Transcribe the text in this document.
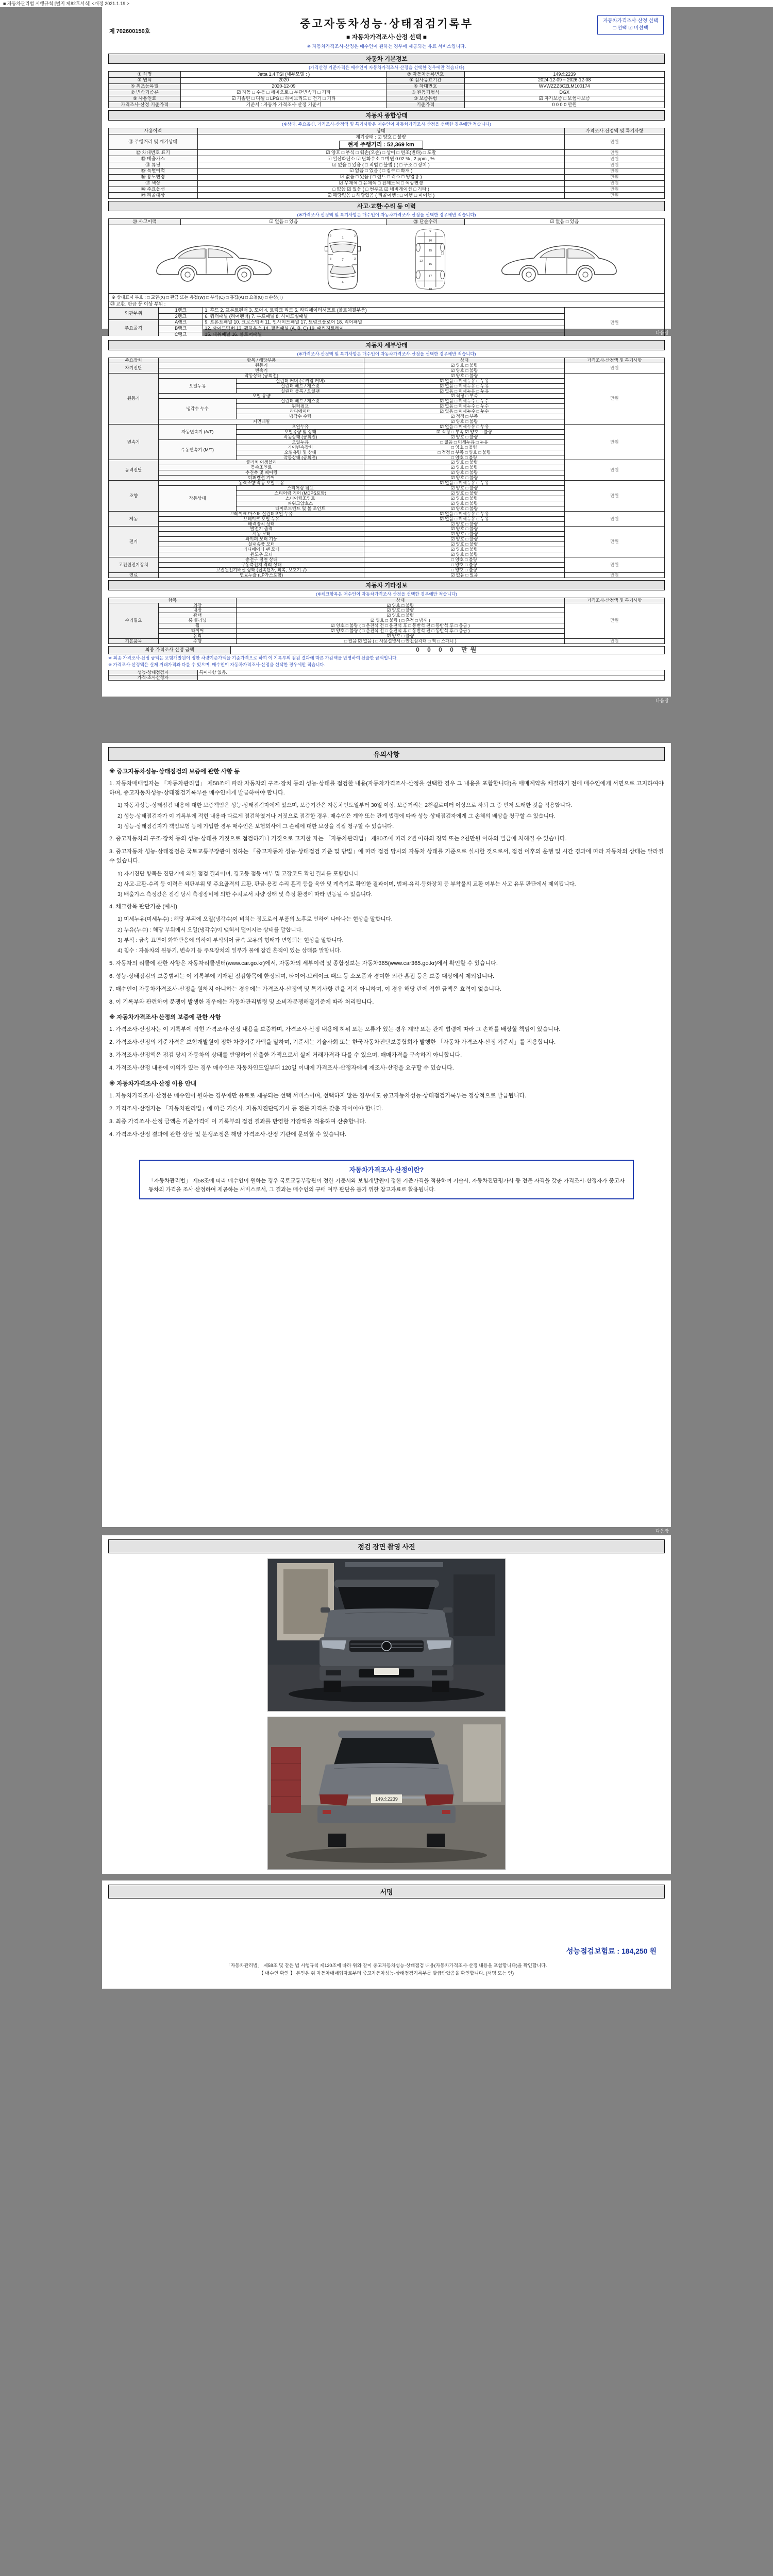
■ 자동차관리법 시행규칙 [별지 제82호서식] <개정 2021.1.19.>
제 702600150호
중고자동차성능·상태점검기록부
■ 자동차가격조사·산정 선택 ■
※ 자동차가격조사·산정은 매수인이 원하는 경우에 제공되는 유료 서비스입니다.
자동차가격조사·산정 선택
□ 선택 ☑ 미선택
자동차 기본정보
(가격산정 기준가격은 매수인이 자동차가격조사·산정을 선택한 경우에만 적습니다)
① 차명	Jetta 1.4 TSI (세부모델 : )	② 자동차등록번호	149소2239
③ 연식	2020	④ 검사유효기간	2024-12-09 ~ 2026-12-08
⑤ 최초등록일	2020-12-09	⑥ 차대번호	WVWZZZ3CZLM100174
⑦ 변속기종류	☑ 자동 □ 수동 □ 세미오토 □ 무단변속기 □ 기타	⑧ 원동기형식	DGX
⑨ 사용연료	☑ 가솔린 □ 디젤 □ LPG □ 하이브리드 □ 전기 □ 기타	⑩ 보증유형	☑ 자가보증 □ 보험사보증
가격조사·산정 기준가격	기준서 : 자동차 가격조사·산정 기준서	기준가격	0 0 0 0 만원
자동차 종합상태
(※상태, 주요옵션, 가격조사·산정액 및 특기사항은 매수인이 자동차가격조사·산정을 선택한 경우에만 적습니다)
사용이력	상태	가격조사·산정액 및 특기사항
⑪ 주행거리 및 계기상태	계기상태 : ☑ 양호 □ 불량
현재 주행거리 : 52,369 km	만원
⑫ 차대번호 표기	☑ 양호 □ 부식 □ 훼손(오손) □ 상이 □ 변조(변타) □ 도말	만원
⑬ 배출가스	☑ 일산화탄소 ☑ 탄화수소 □ 매연 0.02 % , 2 ppm , %	만원
⑭ 튜닝	☑ 없음 □ 있음 ( □ 적법 □ 불법 ) ( □ 구조 □ 장치 )	만원
⑮ 특별이력	☑ 없음 □ 있음 ( □ 침수 □ 화재 )	만원
⑯ 용도변경	☑ 없음 □ 있음 ( □ 렌트 □ 리스 □ 영업용 )	만원
⑰ 색상	☑ 무채색 □ 유채색 □ 전체도색 □ 색상변경	만원
⑱ 주요옵션	□ 없음 ☑ 있음 ( □ 썬루프 ☑ 네비게이션 □ 기타 )	만원
⑲ 리콜대상	☑ 해당없음 □ 해당있음 ( 리콜이행 : □ 이행 □ 미이행 )	만원
사고·교환·수리 등 이력
(※가격조사·산정액 및 특기사항은 매수인이 자동차가격조사·산정을 선택한 경우에만 적습니다)
⑳ 사고이력	☑ 없음 □ 있음	㉑ 단순수리	☑ 없음 □ 있음
1
7
4
2	2
3	3
6	6
9
10
15
16
17
18
12
13
※ 상태표시 부호 : □ 교환(X) □ 판금 또는 용접(W) □ 부식(C) □ 흠집(A) □ 요철(U) □ 손상(T)
㉒ 교환, 판금 등 이상 부위 :			
외판부위	1랭크	1. 후드 2. 프론트펜더 3. 도어 4. 트렁크 리드 5. 라디에이터서포트 (볼트체결부품)	만원
	2랭크	6. 쿼터패널 (리어펜더) 7. 루프패널 8. 사이드실패널	
주요골격	A랭크	9. 프론트패널 10. 크로스멤버 11. 인사이드패널 17. 트렁크플로어 18. 리어패널	
	B랭크	12. 사이드멤버 13. 휠하우스 14. 필러패널 (A, B, C) 19. 패키지트레이	
	C랭크	15. 대쉬패널 16. 플로어패널		다음장
자동차 세부상태
(※가격조사·산정액 및 특기사항은 매수인이 자동차가격조사·산정을 선택한 경우에만 적습니다)
주요장치	항목 / 해당부품		상태	가격조사·산정액 및 특기사항
자기진단	원동기		☑ 양호 □ 불량	만원
	변속기		☑ 양호 □ 불량	
원동기	작동상태 (공회전)		☑ 양호 □ 불량	만원
	오일누유	실린더 커버 (로커암 커버)	☑ 없음 □ 미세누유 □ 누유	
		실린더 헤드 / 개스킷	☑ 없음 □ 미세누유 □ 누유	
		실린더 블록 / 오일팬	☑ 없음 □ 미세누유 □ 누유	
	오일 유량		☑ 적정 □ 부족	
	냉각수 누수	실린더 헤드 / 개스킷	☑ 없음 □ 미세누수 □ 누수	
		워터펌프	☑ 없음 □ 미세누수 □ 누수	
		라디에이터	☑ 없음 □ 미세누수 □ 누수	
		냉각수 수량	☑ 적정 □ 부족	
	커먼레일		☑ 양호 □ 불량	
변속기	자동변속기 (A/T)	오일누유	☑ 없음 □ 미세누유 □ 누유	만원
		오일유량 및 상태	☑ 적정 □ 부족 ☑ 양호 □ 불량	
		작동상태 (공회전)	☑ 양호 □ 불량	
	수동변속기 (M/T)	오일누유	□ 없음 □ 미세누유 □ 누유	
		기어변속장치	□ 양호 □ 불량	
		오일유량 및 상태	□ 적정 □ 부족 □ 양호 □ 불량	
		작동상태 (공회전)	□ 양호 □ 불량	
동력전달	클러치 어셈블리		☑ 양호 □ 불량	만원
	등속조인트		☑ 양호 □ 불량	
	추진축 및 베어링		☑ 양호 □ 불량	
	디퍼렌셜 기어		☑ 양호 □ 불량	
조향	동력조향 작동 오일 누유		☑ 없음 □ 미세누유 □ 누유	만원
	작동상태	스티어링 펌프	☑ 양호 □ 불량	
		스티어링 기어 (MDPS포함)	☑ 양호 □ 불량	
		스티어링조인트	☑ 양호 □ 불량	
		파워고압호스	☑ 양호 □ 불량	
		타이로드엔드 및 볼 조인트	☑ 양호 □ 불량	
제동	브레이크 마스터 실린더오일 누유		☑ 없음 □ 미세누유 □ 누유	만원
	브레이크 오일 누유		☑ 없음 □ 미세누유 □ 누유	
	배력장치 상태		☑ 양호 □ 불량	
전기	발전기 출력		☑ 양호 □ 불량	만원
	시동 모터		☑ 양호 □ 불량	
	와이퍼 모터 기능		☑ 양호 □ 불량	
	실내송풍 모터		☑ 양호 □ 불량	
	라디에이터 팬 모터		☑ 양호 □ 불량	
	윈도우 모터		☑ 양호 □ 불량	
고전원전기장치	충전구 절연 상태		□ 양호 □ 불량	만원
	구동축전지 격리 상태		□ 양호 □ 불량	
	고전원전기배선 상태 (접속단자, 피복, 보호기구)		□ 양호 □ 불량	
연료	연료누출 (LP가스포함)		☑ 없음 □ 있음	만원
자동차 기타정보
(※체크항목은 매수인이 자동차가격조사·산정을 선택한 경우에만 적습니다)
항목		상태	가격조사·산정액 및 특기사항
수리필요	외장	☑ 양호 □ 불량	만원
	내장	☑ 양호 □ 불량	
	광택	☑ 양호 □ 불량	
	룸 클리닝	☑ 양호 □ 불량 ( □ 흔적 □ 냄새 )	
	휠	☑ 양호 □ 불량 ( □ 운전석 전 □ 운전석 후 □ 동반석 전 □ 동반석 후 □ 응급 )	
	타이어	☑ 양호 □ 불량 ( □ 운전석 전 □ 운전석 후 □ 동반석 전 □ 동반석 후 □ 응급 )	
	유리	☑ 양호 □ 불량	
기본품목	주행	□ 있음 ☑ 없음 ( □ 사용설명서 □ 안전삼각대 □ 잭 □ 스패너 )	만원
최종 가격조사·산정 금액	0 0 0 0 만원
※ 최종 가격조사·산정 금액은 보험개발원이 정한 차량기준가액을 기준가격으로 하여 이 기록부의 점검 결과에 따른 가감액을 반영하여 산출한 금액입니다.
※ 가격조사·산정액은 실제 거래가격과 다를 수 있으며, 매수인이 자동차가격조사·산정을 선택한 경우에만 적습니다.
성능·상태점검자	특이사항 없음.
가격·조사산정자	
다음장
유의사항
※ 중고자동차성능·상태점검의 보증에 관한 사항 등
1. 자동차매매업자는 「자동차관리법」 제58조에 따라 자동차의 구조·장치 등의 성능·상태를 점검한 내용(자동차가격조사·산정을 선택한 경우 그 내용을 포함합니다)을 매매계약을 체결하기 전에 매수인에게 서면으로 고지하여야 하며, 중고자동차성능·상태점검기록부를 매수인에게 발급하여야 합니다.
1) 자동차성능·상태점검 내용에 대한 보증책임은 성능·상태점검자에게 있으며, 보증기간은 자동차인도일부터 30일 이상, 보증거리는 2천킬로미터 이상으로 하되 그 중 먼저 도래한 것을 적용합니다.
2) 성능·상태점검자가 이 기록부에 적힌 내용과 다르게 점검하였거나 거짓으로 점검한 경우, 매수인은 계약 또는 관계 법령에 따라 성능·상태점검자에게 그 손해의 배상을 청구할 수 있습니다.
3) 성능·상태점검자가 책임보험 등에 가입한 경우 매수인은 보험회사에 그 손해에 대한 보상을 직접 청구할 수 있습니다.
2. 중고자동차의 구조·장치 등의 성능·상태를 거짓으로 점검하거나 거짓으로 고지한 자는 「자동차관리법」 제80조에 따라 2년 이하의 징역 또는 2천만원 이하의 벌금에 처해질 수 있습니다.
3. 중고자동차 성능·상태점검은 국토교통부장관이 정하는 「중고자동차 성능·상태점검 기준 및 방법」에 따라 점검 당시의 자동차 상태를 기준으로 실시한 것으로서, 점검 이후의 운행 및 시간 경과에 따라 자동차의 상태는 달라질 수 있습니다.
1) 자기진단 항목은 진단기에 의한 점검 결과이며, 경고등 점등 여부 및 고장코드 확인 결과를 포함합니다.
2) 사고·교환·수리 등 이력은 외판부위 및 주요골격의 교환, 판금·용접 수리 흔적 등을 육안 및 계측기로 확인한 결과이며, 범퍼·유리·등화장치 등 부착물의 교환 여부는 사고 유무 판단에서 제외됩니다.
3) 배출가스 측정값은 점검 당시 측정장비에 의한 수치로서 차량 상태 및 측정 환경에 따라 변동될 수 있습니다.
4. 체크항목 판단기준 (예시)
1) 미세누유(미세누수) : 해당 부위에 오일(냉각수)이 비치는 정도로서 부품의 노후로 인하여 나타나는 현상을 말합니다.
2) 누유(누수) : 해당 부위에서 오일(냉각수)이 맺혀서 떨어지는 상태를 말합니다.
3) 부식 : 금속 표면이 화학반응에 의하여 부식되어 금속 고유의 형태가 변형되는 현상을 말합니다.
4) 침수 : 자동차의 원동기, 변속기 등 주요장치의 일부가 물에 잠긴 흔적이 있는 상태를 말합니다.
5. 자동차의 리콜에 관한 사항은 자동차리콜센터(www.car.go.kr)에서, 자동차의 세부이력 및 종합정보는 자동차365(www.car365.go.kr)에서 확인할 수 있습니다.
6. 성능·상태점검의 보증범위는 이 기록부에 기재된 점검항목에 한정되며, 타이어·브레이크 패드 등 소모품과 경미한 외관 흠집 등은 보증 대상에서 제외됩니다.
7. 매수인이 자동차가격조사·산정을 원하지 아니하는 경우에는 가격조사·산정액 및 특기사항 란을 적지 아니하며, 이 경우 해당 란에 적힌 금액은 효력이 없습니다.
8. 이 기록부와 관련하여 분쟁이 발생한 경우에는 자동차관리법령 및 소비자분쟁해결기준에 따라 처리됩니다.
※ 자동차가격조사·산정의 보증에 관한 사항
1. 가격조사·산정자는 이 기록부에 적힌 가격조사·산정 내용을 보증하며, 가격조사·산정 내용에 허위 또는 오류가 있는 경우 계약 또는 관계 법령에 따라 그 손해를 배상할 책임이 있습니다.
2. 가격조사·산정의 기준가격은 보험개발원이 정한 차량기준가액을 말하며, 기준서는 기술사회 또는 한국자동차진단보증협회가 발행한 「자동차 가격조사·산정 기준서」를 적용합니다.
3. 가격조사·산정액은 점검 당시 자동차의 상태를 반영하여 산출한 가액으로서 실제 거래가격과 다를 수 있으며, 매매가격을 구속하지 아니합니다.
4. 가격조사·산정 내용에 이의가 있는 경우 매수인은 자동차인도일부터 120일 이내에 가격조사·산정자에게 재조사·산정을 요구할 수 있습니다.
※ 자동차가격조사·산정 이용 안내
1. 자동차가격조사·산정은 매수인이 원하는 경우에만 유료로 제공되는 선택 서비스이며, 선택하지 않은 경우에도 중고자동차성능·상태점검기록부는 정상적으로 발급됩니다.
2. 가격조사·산정자는 「자동차관리법」에 따른 기술사, 자동차진단평가사 등 전문 자격을 갖춘 자이어야 합니다.
3. 최종 가격조사·산정 금액은 기준가격에 이 기록부의 점검 결과를 반영한 가감액을 적용하여 산출합니다.
4. 가격조사·산정 결과에 관한 상담 및 분쟁조정은 해당 가격조사·산정 기관에 문의할 수 있습니다.
자동차가격조사·산정이란?
「자동차관리법」 제58조에 따라 매수인이 원하는 경우 국토교통부장관이 정한 기준서와 보험개발원이 정한 기준가격을 적용하여 기술사, 자동차진단평가사 등 전문 자격을 갖춘 가격조사·산정자가 중고자동차의 가격을 조사·산정하여 제공하는 서비스로서, 그 결과는 매수인의 구매 여부 판단을 돕기 위한 참고자료로 활용됩니다.
다음장
점검 장면 촬영 사진
149소2239
서명
성능점검보험료 : 184,250 원
「자동차관리법」 제58조 및 같은 법 시행규칙 제120조에 따라 위와 같이 중고자동차성능·상태점검 내용(자동차가격조사·산정 내용을 포함합니다)을 확인합니다.
【 매수인 확인 】 본인은 위 자동차매매업자로부터 중고자동차성능·상태점검기록부를 발급받았음을 확인합니다. (서명 또는 인)
